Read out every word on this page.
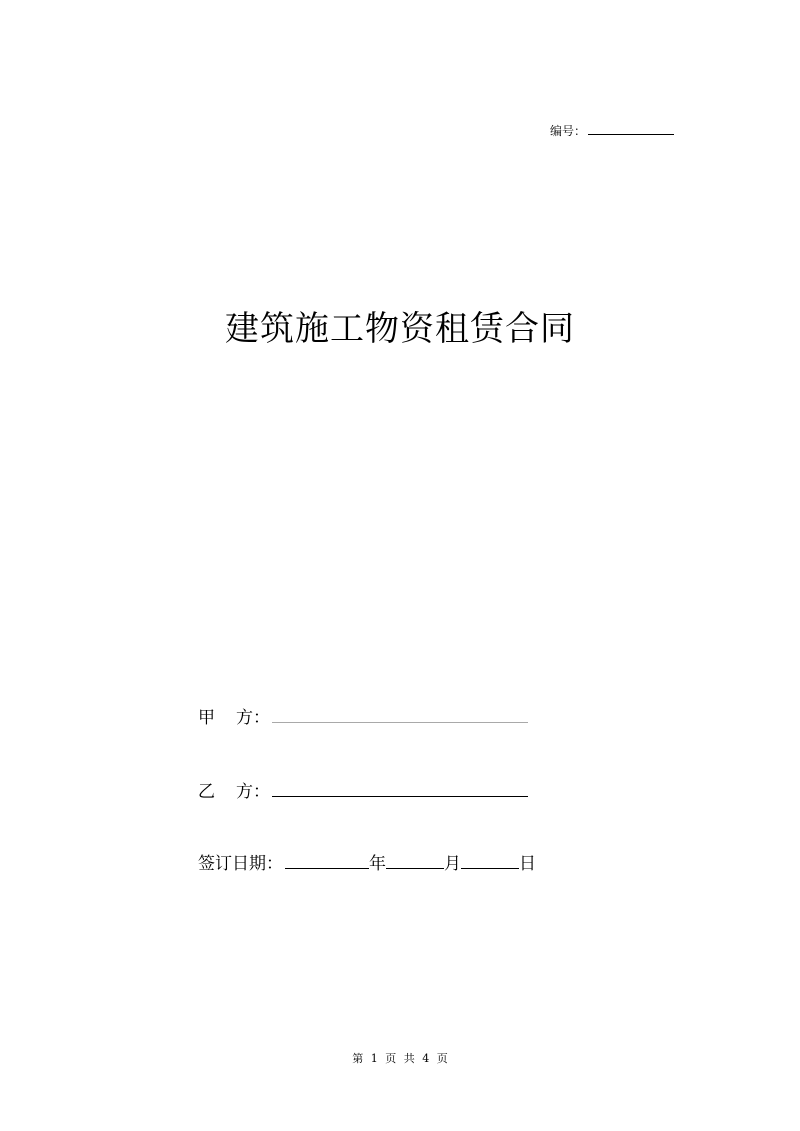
编号：
建筑施工物资租赁合同
甲 方：
乙 方：
签订日期：	年	月	日
第 1 页 共 4 页
